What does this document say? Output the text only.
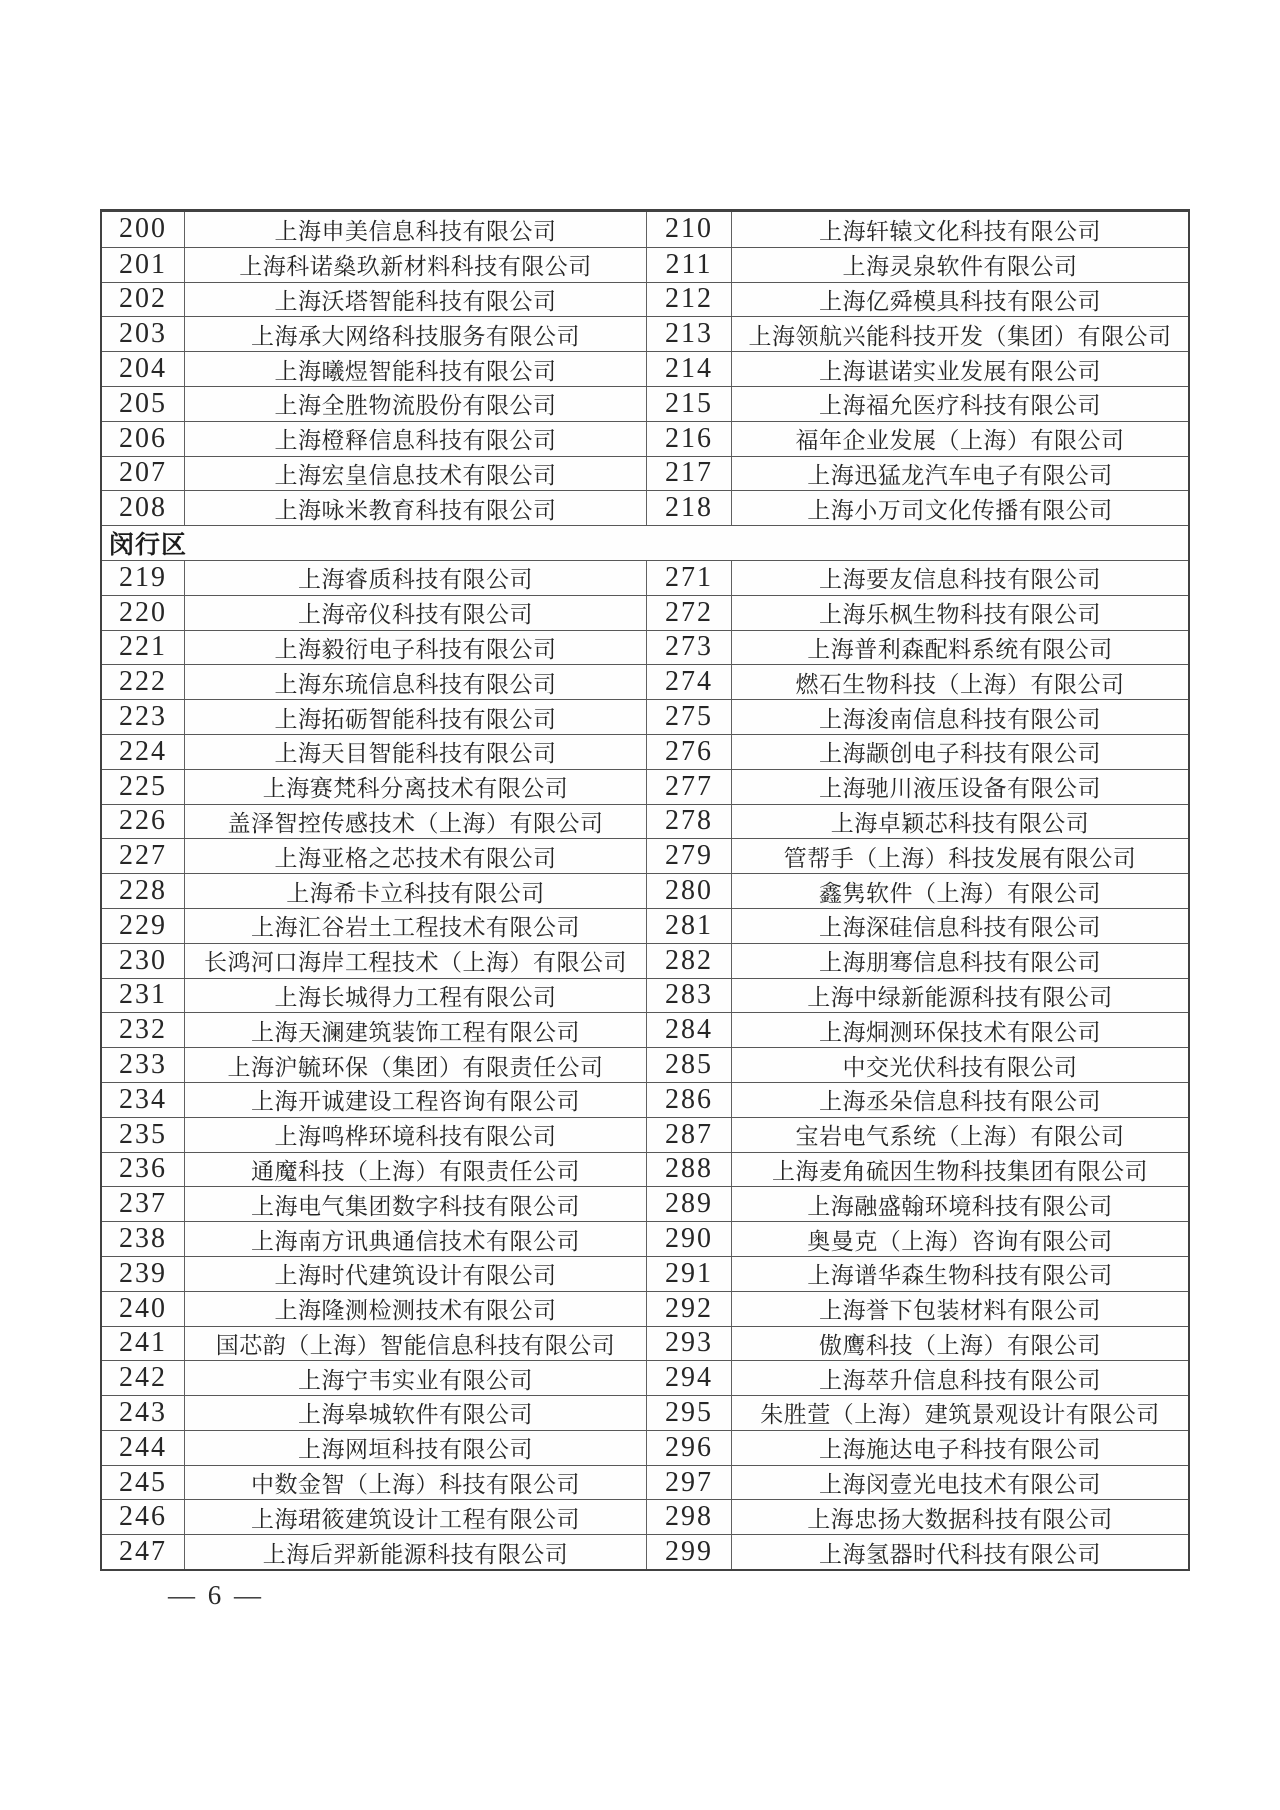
200	上海申美信息科技有限公司	210	上海轩辕文化科技有限公司
201	上海科诺燊玖新材料科技有限公司	211	上海灵泉软件有限公司
202	上海沃塔智能科技有限公司	212	上海亿舜模具科技有限公司
203	上海承大网络科技服务有限公司	213	上海领航兴能科技开发（集团）有限公司
204	上海曦煜智能科技有限公司	214	上海谌诺实业发展有限公司
205	上海全胜物流股份有限公司	215	上海福允医疗科技有限公司
206	上海橙释信息科技有限公司	216	福年企业发展（上海）有限公司
207	上海宏皇信息技术有限公司	217	上海迅猛龙汽车电子有限公司
208	上海咏米教育科技有限公司	218	上海小万司文化传播有限公司
闵行区
219	上海睿质科技有限公司	271	上海要友信息科技有限公司
220	上海帝仪科技有限公司	272	上海乐枫生物科技有限公司
221	上海毅衍电子科技有限公司	273	上海普利森配料系统有限公司
222	上海东琉信息科技有限公司	274	燃石生物科技（上海）有限公司
223	上海拓砺智能科技有限公司	275	上海浚南信息科技有限公司
224	上海天目智能科技有限公司	276	上海颛创电子科技有限公司
225	上海赛梵科分离技术有限公司	277	上海驰川液压设备有限公司
226	盖泽智控传感技术（上海）有限公司	278	上海卓颖芯科技有限公司
227	上海亚格之芯技术有限公司	279	管帮手（上海）科技发展有限公司
228	上海希卡立科技有限公司	280	鑫隽软件（上海）有限公司
229	上海汇谷岩土工程技术有限公司	281	上海深硅信息科技有限公司
230	长鸿河口海岸工程技术（上海）有限公司	282	上海朋骞信息科技有限公司
231	上海长城得力工程有限公司	283	上海中绿新能源科技有限公司
232	上海天澜建筑装饰工程有限公司	284	上海烔测环保技术有限公司
233	上海沪毓环保（集团）有限责任公司	285	中交光伏科技有限公司
234	上海开诚建设工程咨询有限公司	286	上海丞朵信息科技有限公司
235	上海鸣桦环境科技有限公司	287	宝岩电气系统（上海）有限公司
236	通魔科技（上海）有限责任公司	288	上海麦角硫因生物科技集团有限公司
237	上海电气集团数字科技有限公司	289	上海融盛翰环境科技有限公司
238	上海南方讯典通信技术有限公司	290	奥曼克（上海）咨询有限公司
239	上海时代建筑设计有限公司	291	上海谱华森生物科技有限公司
240	上海隆测检测技术有限公司	292	上海誉下包装材料有限公司
241	国芯韵（上海）智能信息科技有限公司	293	傲鹰科技（上海）有限公司
242	上海宁韦实业有限公司	294	上海萃升信息科技有限公司
243	上海皋城软件有限公司	295	朱胜萱（上海）建筑景观设计有限公司
244	上海网垣科技有限公司	296	上海施达电子科技有限公司
245	中数金智（上海）科技有限公司	297	上海闵壹光电技术有限公司
246	上海珺筱建筑设计工程有限公司	298	上海忠扬大数据科技有限公司
247	上海后羿新能源科技有限公司	299	上海氢器时代科技有限公司
— 6 —
